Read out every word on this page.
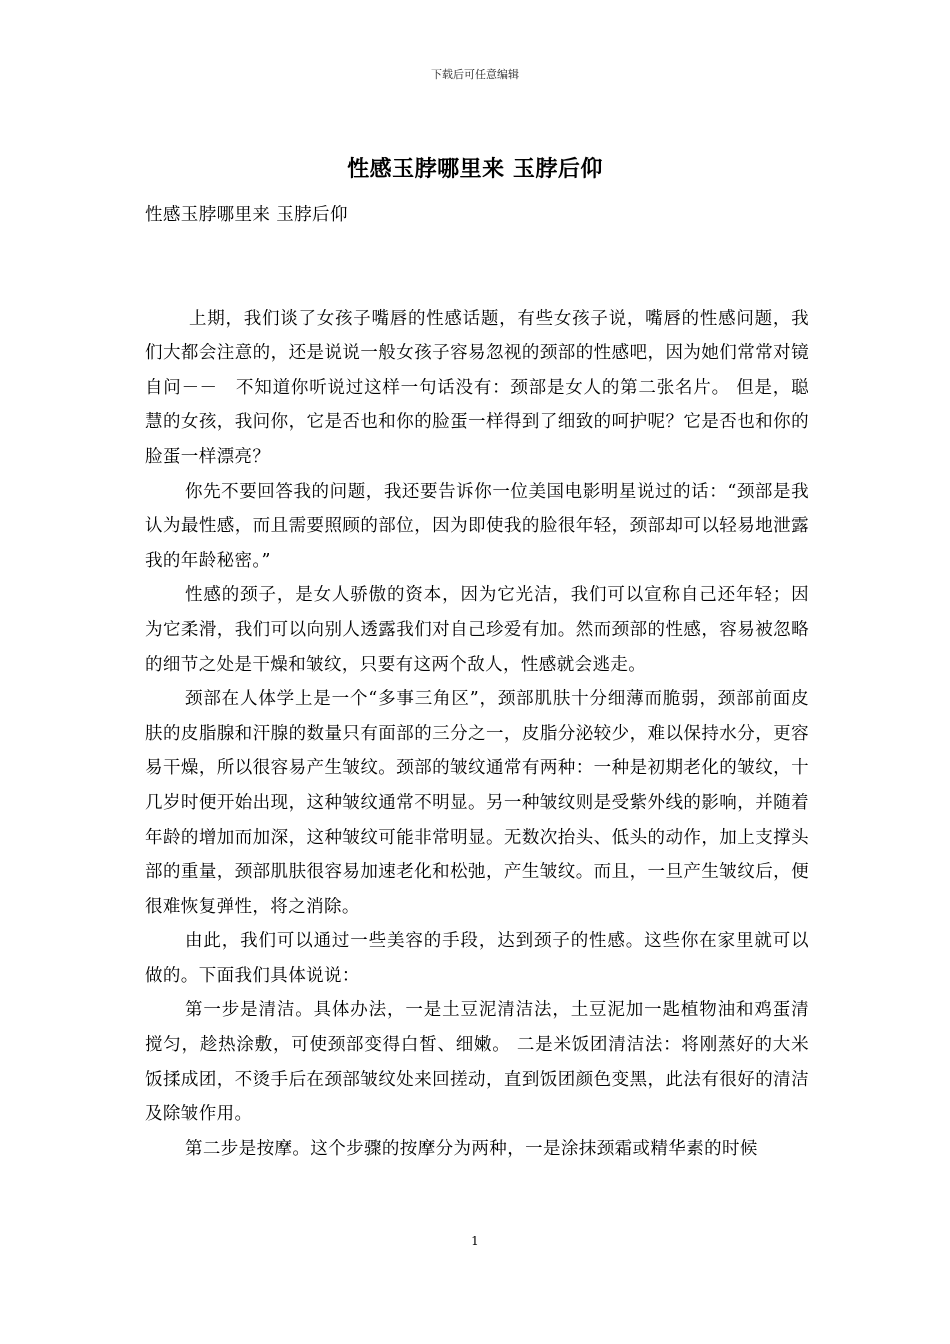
下载后可任意编辑
性感玉脖哪里来 玉脖后仰

性感玉脖哪里来 玉脖后仰

上期，我们谈了女孩子嘴唇的性感话题，有些女孩子说，嘴唇的性感问题，我们大都会注意的，还是说说一般女孩子容易忽视的颈部的性感吧，因为她们常常对镜自问－－　不知道你听说过这样一句话没有：颈部是女人的第二张名片。 但是，聪慧的女孩，我问你，它是否也和你的脸蛋一样得到了细致的呵护呢？它是否也和你的脸蛋一样漂亮？

你先不要回答我的问题，我还要告诉你一位美国电影明星说过的话：“颈部是我认为最性感，而且需要照顾的部位，因为即使我的脸很年轻，颈部却可以轻易地泄露我的年龄秘密。”

性感的颈子，是女人骄傲的资本，因为它光洁，我们可以宣称自己还年轻；因为它柔滑，我们可以向别人透露我们对自己珍爱有加。然而颈部的性感，容易被忽略的细节之处是干燥和皱纹，只要有这两个敌人，性感就会逃走。

颈部在人体学上是一个“多事三角区”，颈部肌肤十分细薄而脆弱，颈部前面皮肤的皮脂腺和汗腺的数量只有面部的三分之一，皮脂分泌较少，难以保持水分，更容易干燥，所以很容易产生皱纹。颈部的皱纹通常有两种：一种是初期老化的皱纹，十几岁时便开始出现，这种皱纹通常不明显。另一种皱纹则是受紫外线的影响，并随着年龄的增加而加深，这种皱纹可能非常明显。无数次抬头、低头的动作，加上支撑头部的重量，颈部肌肤很容易加速老化和松弛，产生皱纹。而且，一旦产生皱纹后，便很难恢复弹性，将之消除。

由此，我们可以通过一些美容的手段，达到颈子的性感。这些你在家里就可以做的。下面我们具体说说：

第一步是清洁。具体办法，一是土豆泥清洁法，土豆泥加一匙植物油和鸡蛋清搅匀，趁热涂敷，可使颈部变得白皙、细嫩。 二是米饭团清洁法：将刚蒸好的大米饭揉成团，不烫手后在颈部皱纹处来回搓动，直到饭团颜色变黑，此法有很好的清洁及除皱作用。

第二步是按摩。这个步骤的按摩分为两种，一是涂抹颈霜或精华素的时候

1
